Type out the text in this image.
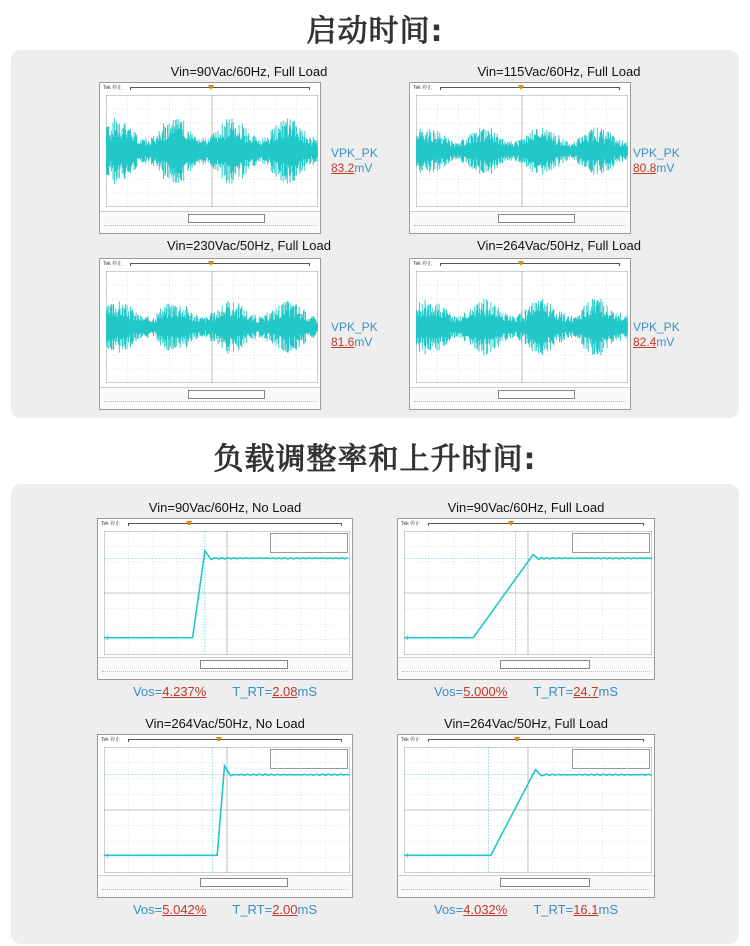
启动时间:
Vin=90Vac/60Hz, Full Load
Tek 停止
1	VPK_PK
83.2mV
Vin=115Vac/60Hz, Full Load
Tek 停止
1	VPK_PK
80.8mV
Vin=230Vac/50Hz, Full Load
Tek 停止
1	VPK_PK
81.6mV
Vin=264Vac/50Hz, Full Load
Tek 停止
1	VPK_PK
82.4mV
负载调整率和上升时间:
Vin=90Vac/60Hz, No Load
Tek 停止
1
Vos=4.237% T_RT=2.08mS
Vin=90Vac/60Hz, Full Load
Tek 停止
1
Vos=5.000% T_RT=24.7mS
Vin=264Vac/50Hz, No Load
Tek 停止
1
Vos=5.042% T_RT=2.00mS
Vin=264Vac/50Hz, Full Load
Tek 停止
1
Vos=4.032% T_RT=16.1mS
